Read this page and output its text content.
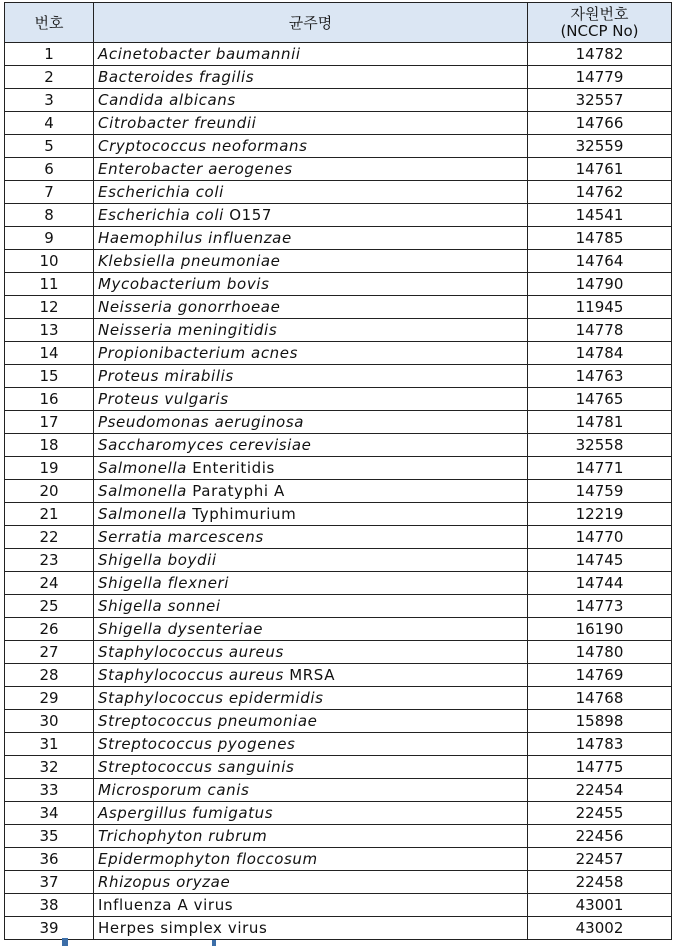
번호	균주명	자원번호
(NCCP No)
1	Acinetobacter baumannii	14782
2	Bacteroides fragilis	14779
3	Candida albicans	32557
4	Citrobacter freundii	14766
5	Cryptococcus neoformans	32559
6	Enterobacter aerogenes	14761
7	Escherichia coli	14762
8	Escherichia coli O157	14541
9	Haemophilus influenzae	14785
10	Klebsiella pneumoniae	14764
11	Mycobacterium bovis	14790
12	Neisseria gonorrhoeae	11945
13	Neisseria meningitidis	14778
14	Propionibacterium acnes	14784
15	Proteus mirabilis	14763
16	Proteus vulgaris	14765
17	Pseudomonas aeruginosa	14781
18	Saccharomyces cerevisiae	32558
19	Salmonella Enteritidis	14771
20	Salmonella Paratyphi A	14759
21	Salmonella Typhimurium	12219
22	Serratia marcescens	14770
23	Shigella boydii	14745
24	Shigella flexneri	14744
25	Shigella sonnei	14773
26	Shigella dysenteriae	16190
27	Staphylococcus aureus	14780
28	Staphylococcus aureus MRSA	14769
29	Staphylococcus epidermidis	14768
30	Streptococcus pneumoniae	15898
31	Streptococcus pyogenes	14783
32	Streptococcus sanguinis	14775
33	Microsporum canis	22454
34	Aspergillus fumigatus	22455
35	Trichophyton rubrum	22456
36	Epidermophyton floccosum	22457
37	Rhizopus oryzae	22458
38	Influenza A virus	43001
39	Herpes simplex virus	43002
